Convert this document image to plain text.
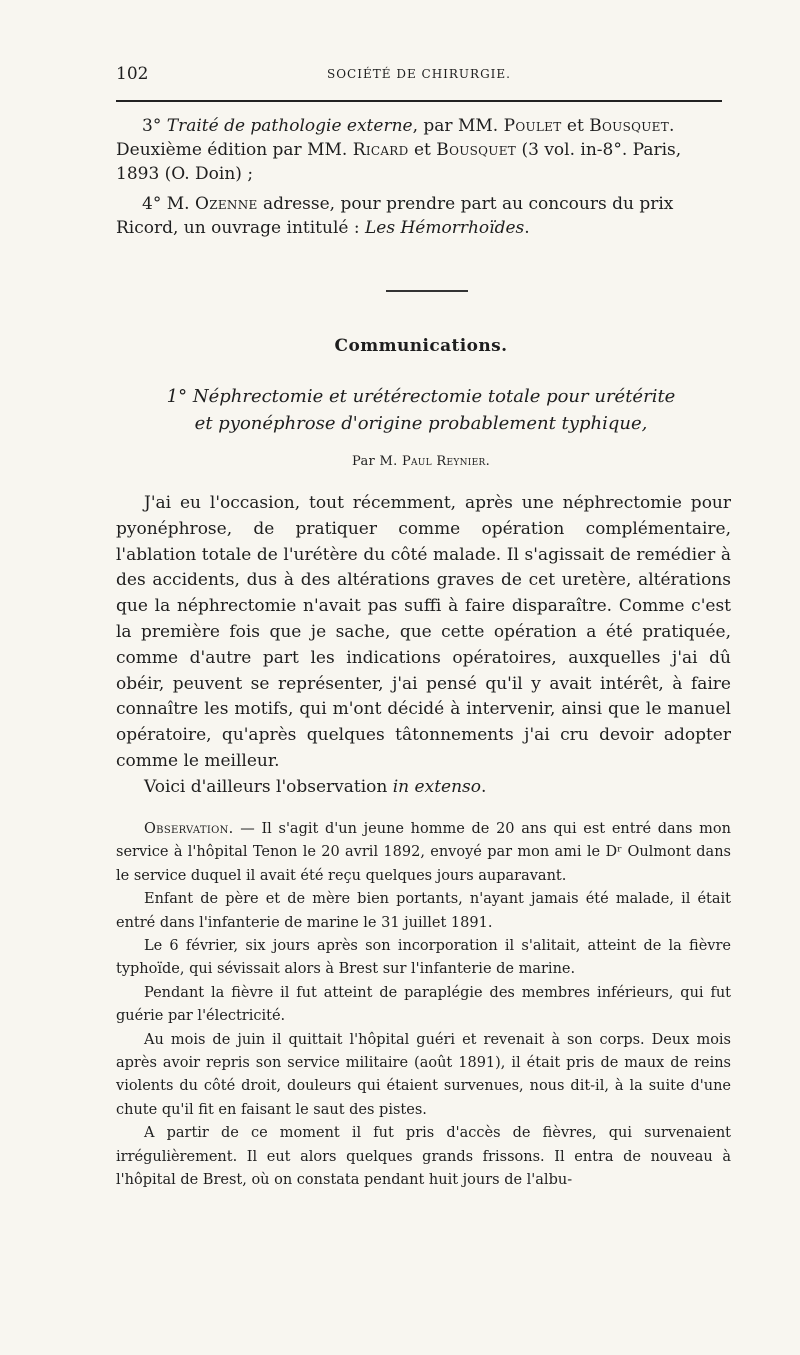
102	SOCIÉTÉ DE CHIRURGIE.

3° Traité de pathologie externe, par MM. Poulet et Bousquet. Deuxième édition par MM. Ricard et Bousquet (3 vol. in-8°. Paris, 1893 (O. Doin) ;

4° M. Ozenne adresse, pour prendre part au concours du prix Ricord, un ouvrage intitulé : Les Hémorrhoïdes.

Communications.
1° Néphrectomie et urétérectomie totale pour urétérite
et pyonéphrose d'origine probablement typhique,
Par M. Paul Reynier.

J'ai eu l'occasion, tout récemment, après une néphrectomie pour pyonéphrose, de pratiquer comme opération complémentaire, l'ablation totale de l'urétère du côté malade. Il s'agissait de remédier à des accidents, dus à des altérations graves de cet uretère, altérations que la néphrectomie n'avait pas suffi à faire disparaître. Comme c'est la première fois que je sache, que cette opération a été pratiquée, comme d'autre part les indications opératoires, auxquelles j'ai dû obéir, peuvent se représenter, j'ai pensé qu'il y avait intérêt, à faire connaître les motifs, qui m'ont décidé à intervenir, ainsi que le manuel opératoire, qu'après quelques tâtonnements j'ai cru devoir adopter comme le meilleur.

Voici d'ailleurs l'observation in extenso.

Observation. — Il s'agit d'un jeune homme de 20 ans qui est entré dans mon service à l'hôpital Tenon le 20 avril 1892, envoyé par mon ami le Dʳ Oulmont dans le service duquel il avait été reçu quelques jours auparavant.

Enfant de père et de mère bien portants, n'ayant jamais été malade, il était entré dans l'infanterie de marine le 31 juillet 1891.

Le 6 février, six jours après son incorporation il s'alitait, atteint de la fièvre typhoïde, qui sévissait alors à Brest sur l'infanterie de marine.

Pendant la fièvre il fut atteint de paraplégie des membres inférieurs, qui fut guérie par l'électricité.

Au mois de juin il quittait l'hôpital guéri et revenait à son corps. Deux mois après avoir repris son service militaire (août 1891), il était pris de maux de reins violents du côté droit, douleurs qui étaient survenues, nous dit-il, à la suite d'une chute qu'il fit en faisant le saut des pistes.

A partir de ce moment il fut pris d'accès de fièvres, qui survenaient irrégulièrement. Il eut alors quelques grands frissons. Il entra de nouveau à l'hôpital de Brest, où on constata pendant huit jours de l'albu-
